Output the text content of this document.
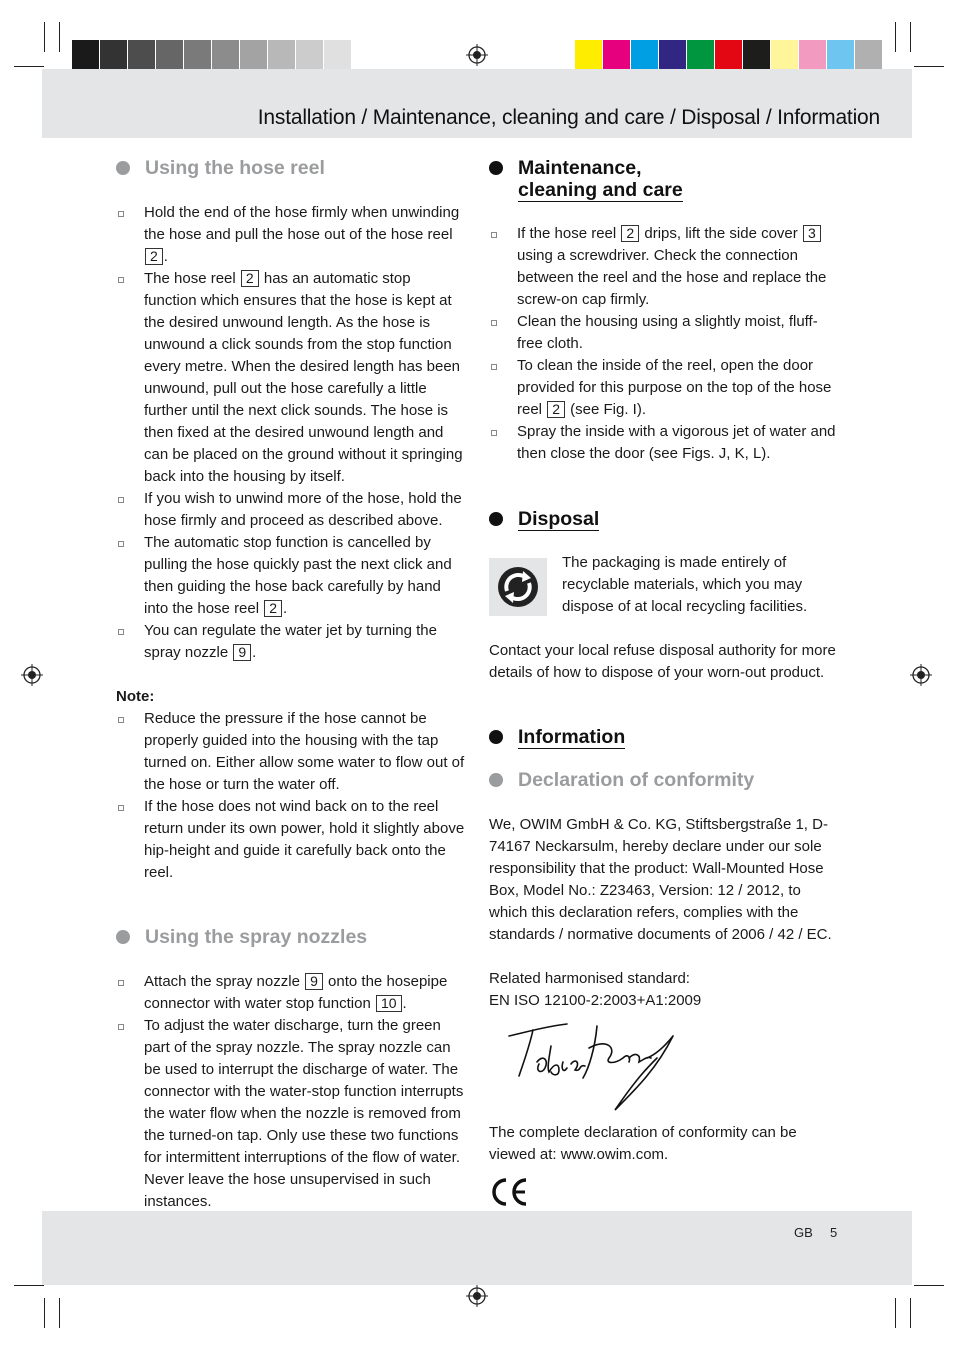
Installation / Maintenance, cleaning and care / Disposal / Information
Using the hose reel
Hold the end of the hose firmly when unwinding the hose and pull the hose out of the hose reel 2 .
The hose reel 2 has an automatic stop function which ensures that the hose is kept at the desired unwound length. As the hose is unwound a click sounds from the stop function every metre. When the desired length has been unwound, pull out the hose carefully a little further until the next click sounds. The hose is then fixed at the desired unwound length and can be placed on the ground without it springing back into the housing by itself.
If you wish to unwind more of the hose, hold the hose firmly and proceed as described above.
The automatic stop function is cancelled by pulling the hose quickly past the next click and then guiding the hose back carefully by hand into the hose reel 2 .
You can regulate the water jet by turning the spray nozzle 9 .
Note:
Reduce the pressure if the hose cannot be properly guided into the housing with the tap turned on. Either allow some water to flow out of the hose or turn the water off.
If the hose does not wind back on to the reel return under its own power, hold it slightly above hip-height and guide it carefully back onto the reel.
Using the spray nozzles
Attach the spray nozzle 9 onto the hosepipe connector with water stop function 10 .
To adjust the water discharge, turn the green part of the spray nozzle. The spray nozzle can be used to interrupt the discharge of water. The connector with the water-stop function interrupts the water flow when the nozzle is removed from the turned-on tap. Only use these two functions for intermittent interruptions of the flow of water. Never leave the hose unsupervised in such instances.
Maintenance,
cleaning and care
If the hose reel 2 drips, lift the side cover 3 using a screwdriver. Check the connection between the reel and the hose and replace the screw-on cap firmly.
Clean the housing using a slightly moist, fluff-free cloth.
To clean the inside of the reel, open the door provided for this purpose on the top of the hose reel 2 (see Fig. I).
Spray the inside with a vigorous jet of water and then close the door (see Figs. J, K, L).
Disposal

The packaging is made entirely of recyclable materials, which you may dispose of at local recycling facilities.

Contact your local refuse disposal authority for more details of how to dispose of your worn-out product.

Information
Declaration of conformity

We, OWIM GmbH & Co. KG, Stiftsbergstraße 1, D-74167 Neckarsulm, hereby declare under our sole responsibility that the product: Wall-Mounted Hose Box, Model No.: Z23463, Version: 12 / 2012, to which this declaration refers, complies with the standards / normative documents of 2006 / 42 / EC.

Related harmonised standard:

EN ISO 12100-2:2003+A1:2009

The complete declaration of conformity can be viewed at: www.owim.com.

GB 5
